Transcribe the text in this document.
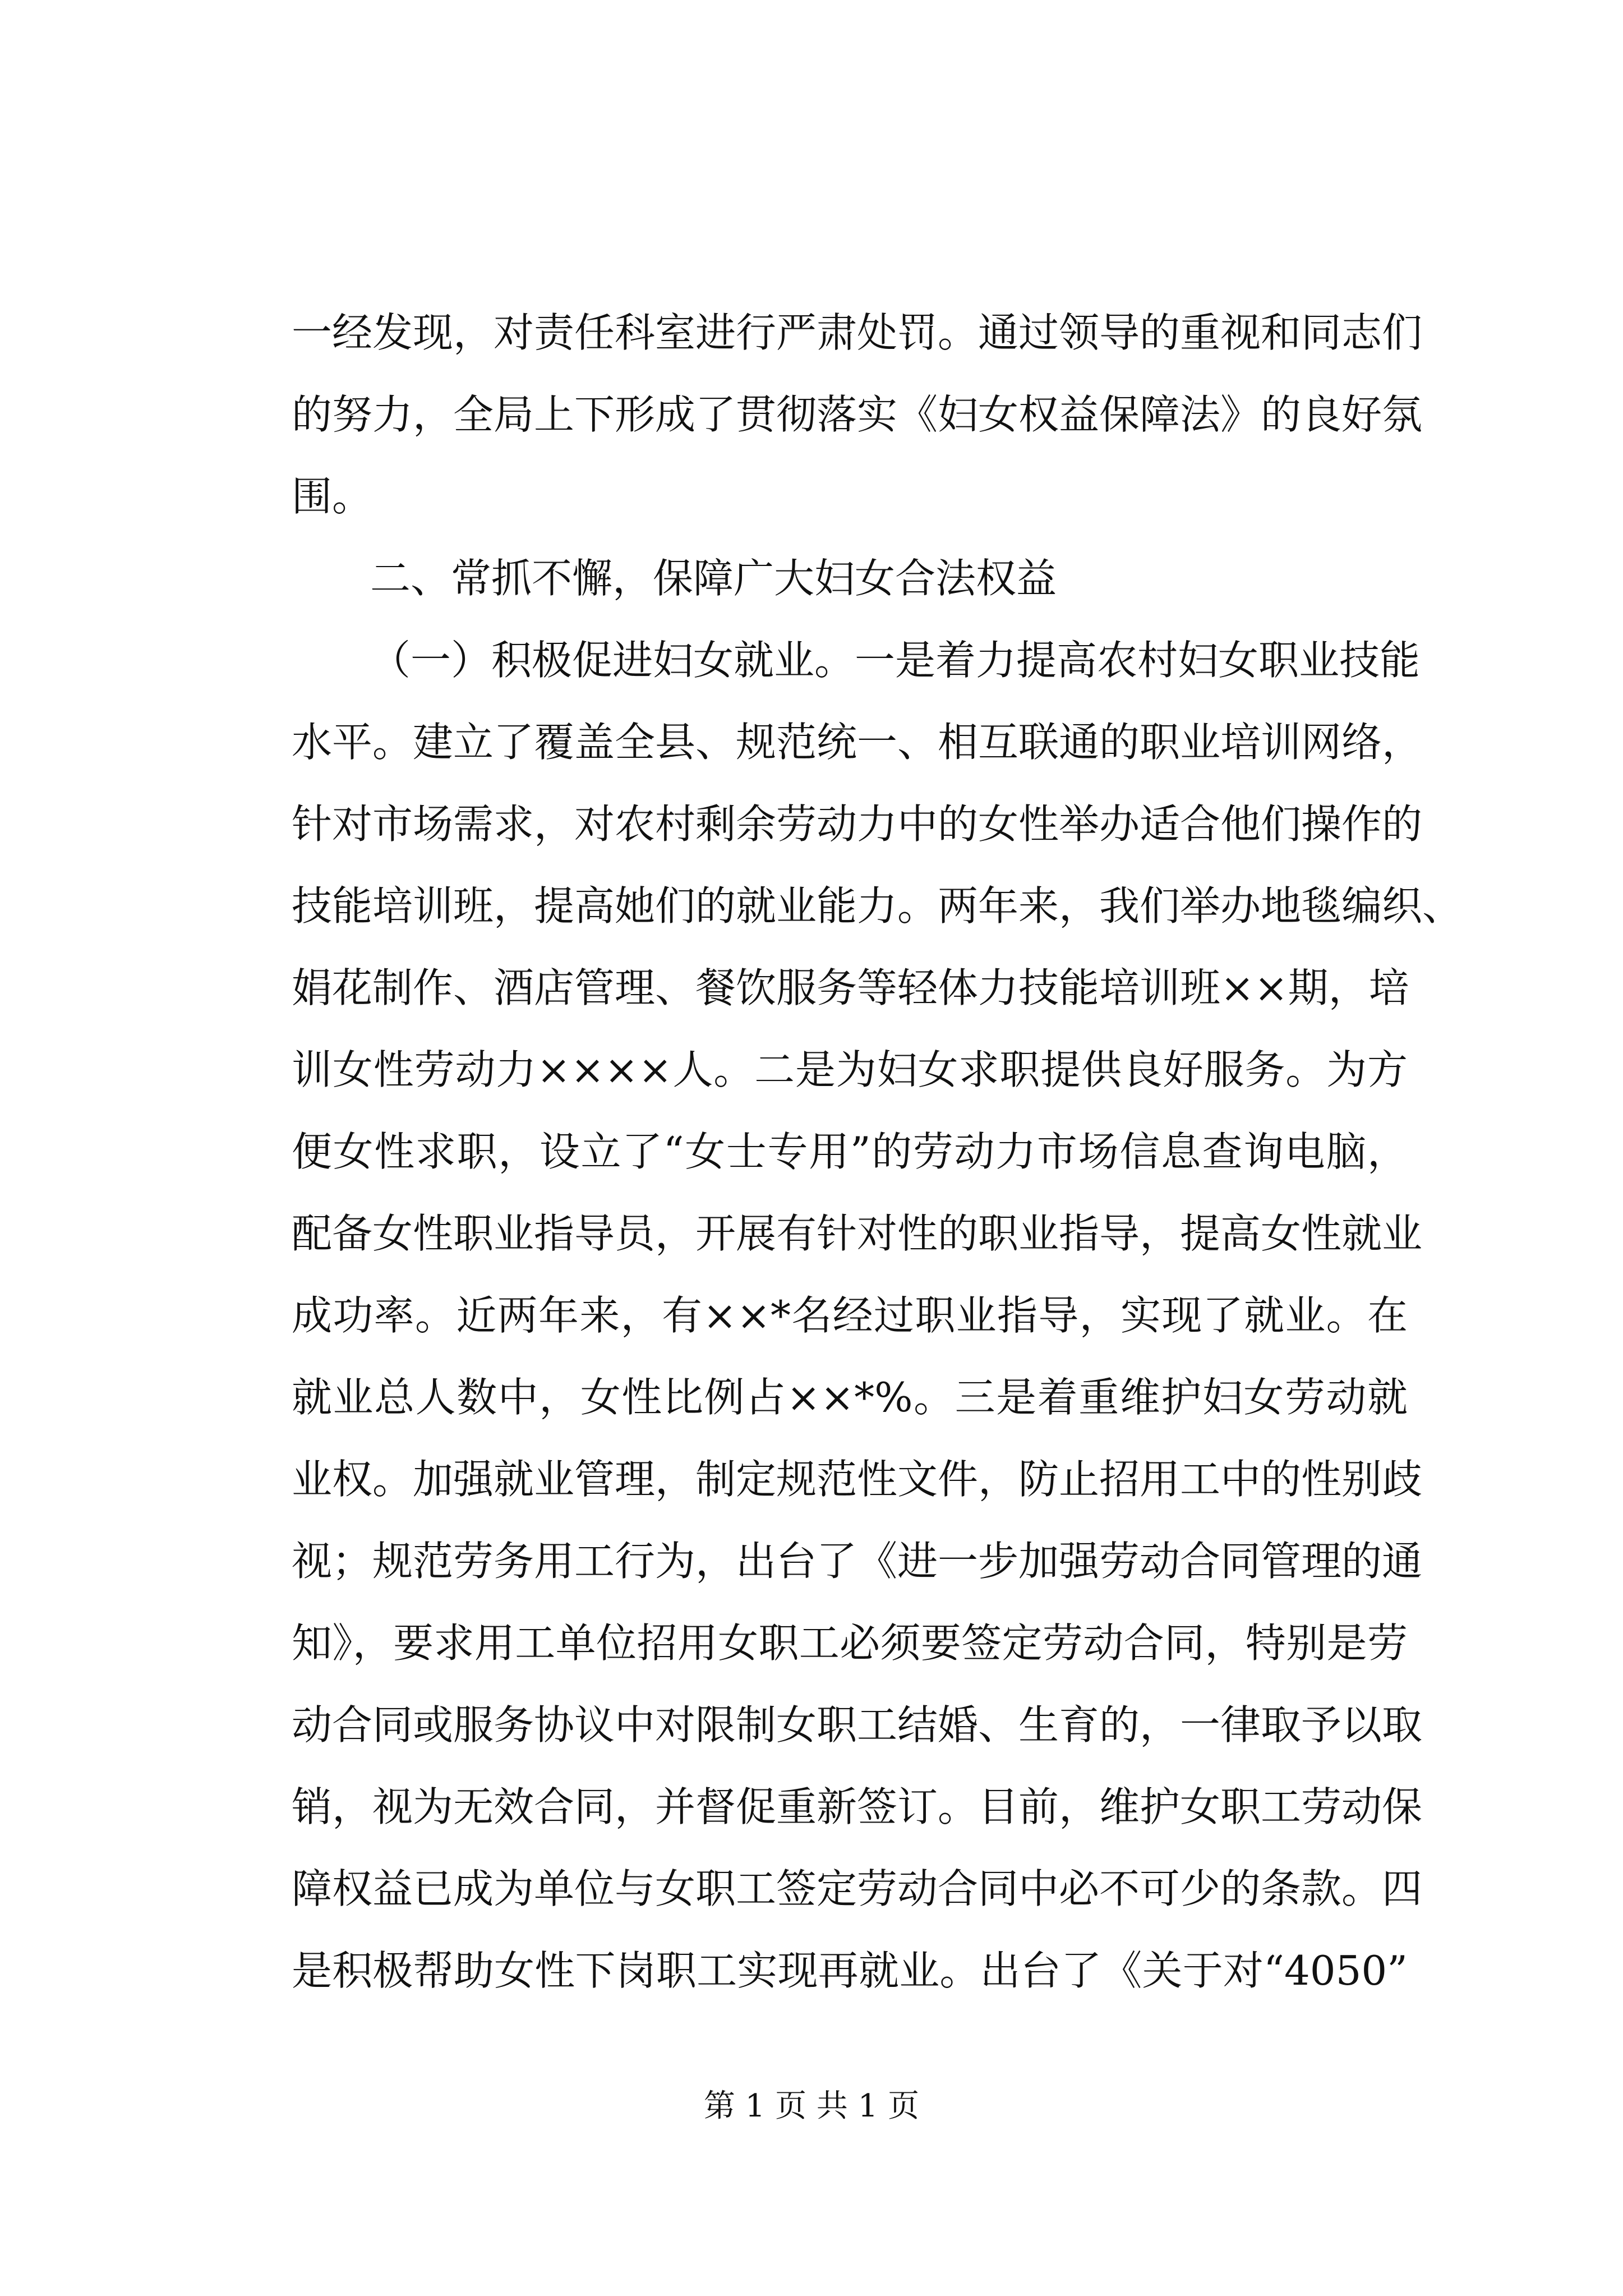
一经发现，对责任科室进行严肃处罚。通过领导的重视和同志们
的努力，全局上下形成了贯彻落实《妇女权益保障法》的良好氛
围。
二、常抓不懈，保障广大妇女合法权益
（一）积极促进妇女就业。一是着力提高农村妇女职业技能
水平。建立了覆盖全县、规范统一、相互联通的职业培训网络，
针对市场需求，对农村剩余劳动力中的女性举办适合他们操作的
技能培训班，提高她们的就业能力。两年来，我们举办地毯编织、
娟花制作、酒店管理、餐饮服务等轻体力技能培训班××期，培
训女性劳动力××××人。二是为妇女求职提供良好服务。为方
便女性求职，设立了“女士专用”的劳动力市场信息查询电脑，
配备女性职业指导员，开展有针对性的职业指导，提高女性就业
成功率。近两年来，有××*名经过职业指导，实现了就业。在
就业总人数中，女性比例占××*%。三是着重维护妇女劳动就
业权。加强就业管理，制定规范性文件，防止招用工中的性别歧
视；规范劳务用工行为，出台了《进一步加强劳动合同管理的通
知》，要求用工单位招用女职工必须要签定劳动合同，特别是劳
动合同或服务协议中对限制女职工结婚、生育的，一律取予以取
销，视为无效合同，并督促重新签订。目前，维护女职工劳动保
障权益已成为单位与女职工签定劳动合同中必不可少的条款。四
是积极帮助女性下岗职工实现再就业。出台了《关于对“4050”
第 1 页 共 1 页
